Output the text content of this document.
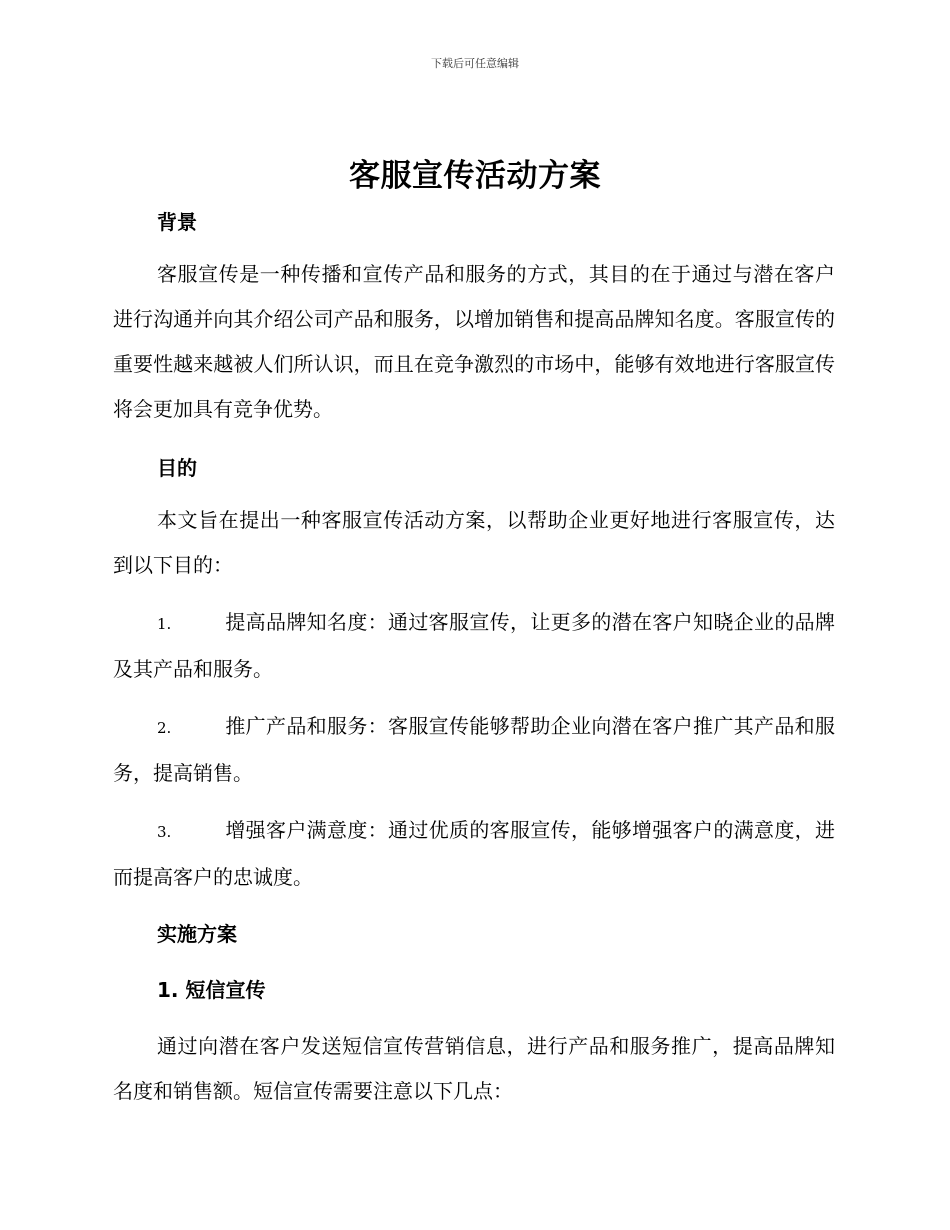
下载后可任意编辑
客服宣传活动方案

背景

客服宣传是一种传播和宣传产品和服务的方式，其目的在于通过与潜在客户进行沟通并向其介绍公司产品和服务，以增加销售和提高品牌知名度。客服宣传的重要性越来越被人们所认识，而且在竞争激烈的市场中，能够有效地进行客服宣传将会更加具有竞争优势。

目的

本文旨在提出一种客服宣传活动方案，以帮助企业更好地进行客服宣传，达到以下目的：

1.	提高品牌知名度：通过客服宣传，让更多的潜在客户知晓企业的品牌及其产品和服务。

2.	推广产品和服务：客服宣传能够帮助企业向潜在客户推广其产品和服务，提高销售。

3.	增强客户满意度：通过优质的客服宣传，能够增强客户的满意度，进而提高客户的忠诚度。

实施方案

1. 短信宣传

通过向潜在客户发送短信宣传营销信息，进行产品和服务推广，提高品牌知名度和销售额。短信宣传需要注意以下几点：
